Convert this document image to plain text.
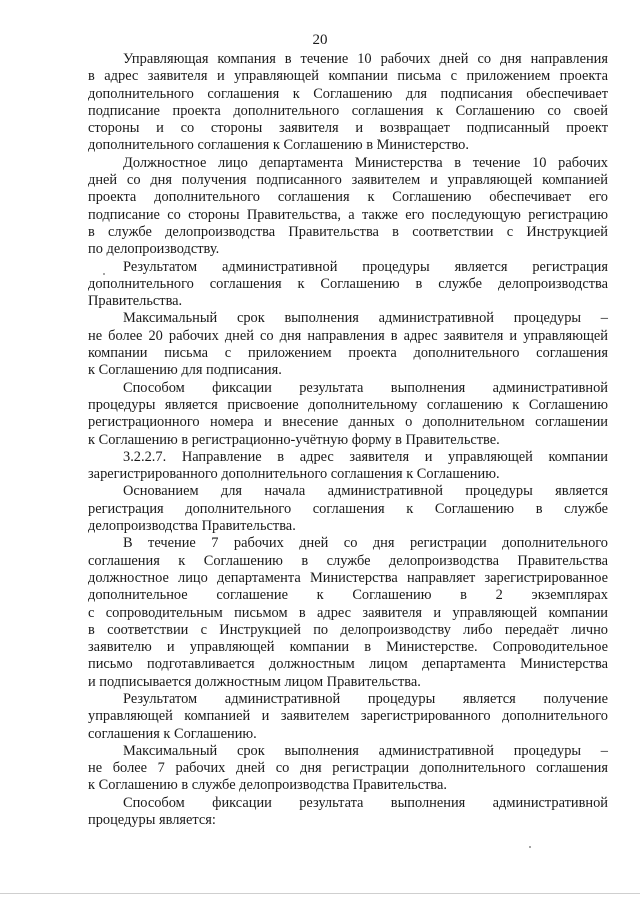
20
Управляющая компания в течение 10 рабочих дней со дня направления
в адрес заявителя и управляющей компании письма с приложением проекта
дополнительного соглашения к Соглашению для подписания обеспечивает
подписание проекта дополнительного соглашения к Соглашению со своей
стороны и со стороны заявителя и возвращает подписанный проект
дополнительного соглашения к Соглашению в Министерство.
Должностное лицо департамента Министерства в течение 10 рабочих
дней со дня получения подписанного заявителем и управляющей компанией
проекта дополнительного соглашения к Соглашению обеспечивает его
подписание со стороны Правительства, а также его последующую регистрацию
в службе делопроизводства Правительства в соответствии с Инструкцией
по делопроизводству.
Результатом административной процедуры является регистрация
дополнительного соглашения к Соглашению в службе делопроизводства
Правительства.
Максимальный срок выполнения административной процедуры –
не более 20 рабочих дней со дня направления в адрес заявителя и управляющей
компании письма с приложением проекта дополнительного соглашения
к Соглашению для подписания.
Способом фиксации результата выполнения административной
процедуры является присвоение дополнительному соглашению к Соглашению
регистрационного номера и внесение данных о дополнительном соглашении
к Соглашению в регистрационно-учётную форму в Правительстве.
3.2.2.7. Направление в адрес заявителя и управляющей компании
зарегистрированного дополнительного соглашения к Соглашению.
Основанием для начала административной процедуры является
регистрация дополнительного соглашения к Соглашению в службе
делопроизводства Правительства.
В течение 7 рабочих дней со дня регистрации дополнительного
соглашения к Соглашению в службе делопроизводства Правительства
должностное лицо департамента Министерства направляет зарегистрированное
дополнительное соглашение к Соглашению в 2 экземплярах
с сопроводительным письмом в адрес заявителя и управляющей компании
в соответствии с Инструкцией по делопроизводству либо передаёт лично
заявителю и управляющей компании в Министерстве. Сопроводительное
письмо подготавливается должностным лицом департамента Министерства
и подписывается должностным лицом Правительства.
Результатом административной процедуры является получение
управляющей компанией и заявителем зарегистрированного дополнительного
соглашения к Соглашению.
Максимальный срок выполнения административной процедуры –
не более 7 рабочих дней со дня регистрации дополнительного соглашения
к Соглашению в службе делопроизводства Правительства.
Способом фиксации результата выполнения административной
процедуры является:
